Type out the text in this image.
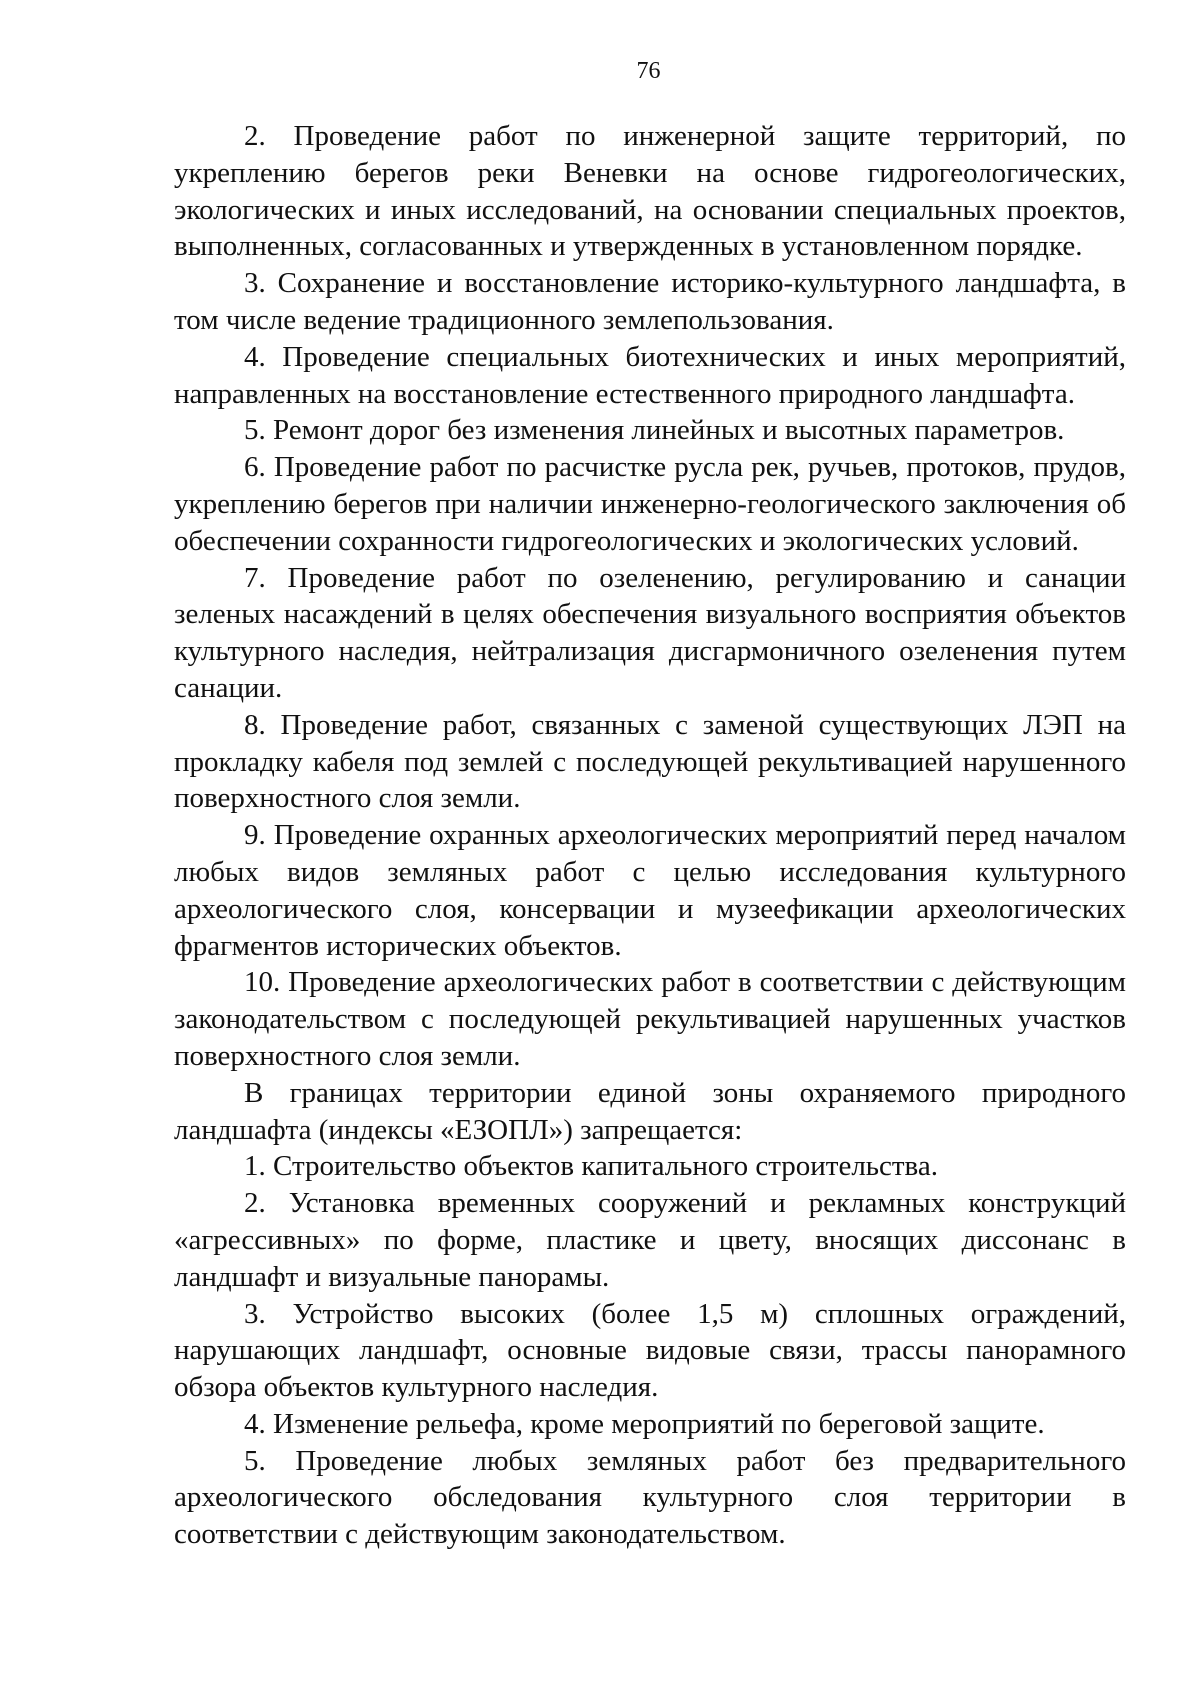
76

2. Проведение работ по инженерной защите территорий, по укреплению берегов реки Веневки на основе гидрогеологических, экологических и иных исследований, на основании специальных проектов, выполненных, согласованных и утвержденных в установленном порядке.

3. Сохранение и восстановление историко-культурного ландшафта, в том числе ведение традиционного землепользования.

4. Проведение специальных биотехнических и иных мероприятий, направленных на восстановление естественного природного ландшафта.

5. Ремонт дорог без изменения линейных и высотных параметров.

6. Проведение работ по расчистке русла рек, ручьев, протоков, прудов, укреплению берегов при наличии инженерно-геологического заключения об обеспечении сохранности гидрогеологических и экологических условий.

7. Проведение работ по озеленению, регулированию и санации зеленых насаждений в целях обеспечения визуального восприятия объектов культурного наследия, нейтрализация дисгармоничного озеленения путем санации.

8. Проведение работ, связанных с заменой существующих ЛЭП на прокладку кабеля под землей с последующей рекультивацией нарушенного поверхностного слоя земли.

9. Проведение охранных археологических мероприятий перед началом любых видов земляных работ с целью исследования культурного археологического слоя, консервации и музеефикации археологических фрагментов исторических объектов.

10. Проведение археологических работ в соответствии с действующим законодательством с последующей рекультивацией нарушенных участков поверхностного слоя земли.

В границах территории единой зоны охраняемого природного ландшафта (индексы «ЕЗОПЛ») запрещается:

1. Строительство объектов капитального строительства.

2. Установка временных сооружений и рекламных конструкций «агрессивных» по форме, пластике и цвету, вносящих диссонанс в ландшафт и визуальные панорамы.

3. Устройство высоких (более 1,5 м) сплошных ограждений, нарушающих ландшафт, основные видовые связи, трассы панорамного обзора объектов культурного наследия.

4. Изменение рельефа, кроме мероприятий по береговой защите.

5. Проведение любых земляных работ без предварительного археологического обследования культурного слоя территории в соответствии с действующим законодательством.
